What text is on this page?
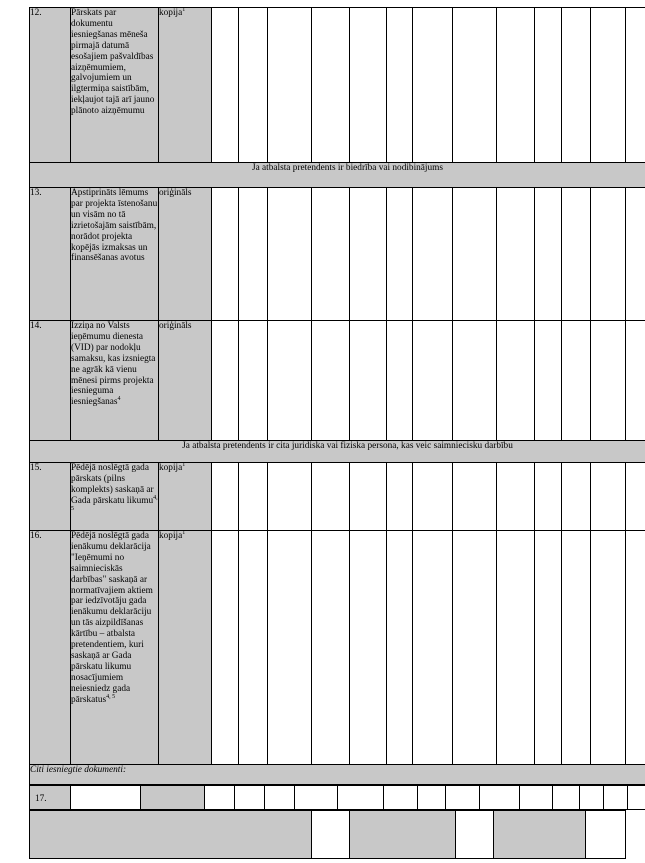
12.	Pārskats par dokumentu iesniegšanas mēneša pirmajā datumā esošajiem pašvaldības aizņēmumiem, galvojumiem un ilgtermiņa saistībām, iekļaujot tajā arī jauno plānoto aizņēmumu	kopija$^1$													
Ja atbalsta pretendents ir biedrība vai nodibinājums															
13.	Apstiprināts lēmums par projekta īstenošanu un visām no tā izrietošajām saistībām, norādot projekta kopējās izmaksas un finansēšanas avotus	oriģināls													
14.	Izziņa no Valsts ieņēmumu dienesta (VID) par nodokļu samaksu, kas izsniegta ne agrāk kā vienu mēnesi pirms projekta iesnieguma iesniegšanas$^4$	oriģināls													
Ja atbalsta pretendents ir cita juridiska vai fiziska persona, kas veic saimniecisku darbību															
15.	Pēdējā noslēgtā gada pārskats (pilns komplekts) saskaņā ar Gada pārskatu likumu$^{4, 5}$	kopija$^1$													
16.	Pēdējā noslēgtā gada ienākumu deklarācija "Ieņēmumi no saimnieciskās darbības" saskaņā ar normatīvajiem aktiem par iedzīvotāju gada ienākumu deklarāciju un tās aizpildīšanas kārtību – atbalsta pretendentiem, kuri saskaņā ar Gada pārskatu likumu nosacījumiem neiesniedz gada pārskatus$^{4, 5}$	kopija$^1$													
Citi iesniegtie dokumenti:															
17.																
